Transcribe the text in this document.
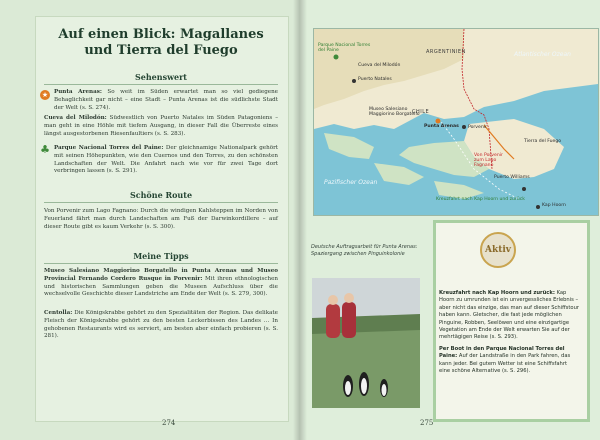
Auf einen Blick: Magallanes und Tierra del Fuego
Sehenswert
★	Punta Arenas: So weit im Süden erwartet man so viel gediegene Behaglichkeit gar nicht – eine Stadt – Punta Arenas ist die südlichste Stadt der Welt (s. S. 274).
Cueva del Milodón: Südwestlich von Puerto Natales im Süden Patagoniens – man geht in eine Höhle mit tiefem Ausgang, in dieser Fall die Überreste eines längst ausgestorbenen Riesenfaultiers (s. S. 283).
♣ Parque Nacional Torres del Paine: Der gleichnamige Nationalpark gehört mit seinen Höhepunkten, wie den Cuernos und den Torres, zu den schönsten Landschaften der Welt. Die Anfahrt nach wie vor für zwei Tage dort verbringen lassen (s. S. 291).
Schöne Route
Von Porvenir zum Lago Fagnano: Durch die windigen Kahlsteppen im Norden von Feuerland fährt man durch Landschaften am Fuß der Darwinkordillere – auf dieser Route gibt es kaum Verkehr (s. S. 300).
Meine Tipps
Museo Salesiano Maggiorino Borgatello in Punta Arenas und Museo Provincial Fernando Cordero Rusque in Porvenir: Mit ihren ethnologischen und historischen Sammlungen geben die Museen Aufschluss über die wechselvolle Geschichte dieser Landstriche am Ende der Welt (s. S. 279, 300).
Centolla: Die Königskrabbe gehört zu den Spezialitäten der Region. Das delikate Fleisch der Königskrabbe gehört zu den besten Leckerbissen des Landes … In gehobenen Restaurants wird es serviert, am besten aber einfach probieren (s. S. 281).
274
ARGENTINIEN
CHILE
Atlantischer Ozean
Pazifischer Ozean
Parque Nacional Torres del Paine
Cueva del Milodón
Puerto Natales
Punta Arenas Porvenir
Museo Salesiano Maggiorino Borgatello
Tierra del Fuego
Puerto Williams
Kap Hoorn
Kreuzfahrt nach Kap Hoorn und zurück
Von Porvenir zum Lago Fagnano
Deutsche Auftragsarbeit für Punta Arenas: Spaziergang zwischen Pinguinkolonie	Aktiv
Kreuzfahrt nach Kap Hoorn und zurück: Kap Hoorn zu umrunden ist ein unvergessliches Erlebnis – aber nicht das einzige, das man auf dieser Schiffstour haben kann. Gletscher, die fast jede möglichen Pinguine, Robben, Seelöwen und eine einzigartige Vegetation am Ende der Welt erwarten Sie auf der mehrtägigen Reise (s. S. 293).
Per Boot in den Parque Nacional Torres del Paine: Auf der Landstraße in den Park fahren, das kann jeder. Bei gutem Wetter ist eine Schiffsfahrt eine schöne Alternative (s. S. 296).
275
